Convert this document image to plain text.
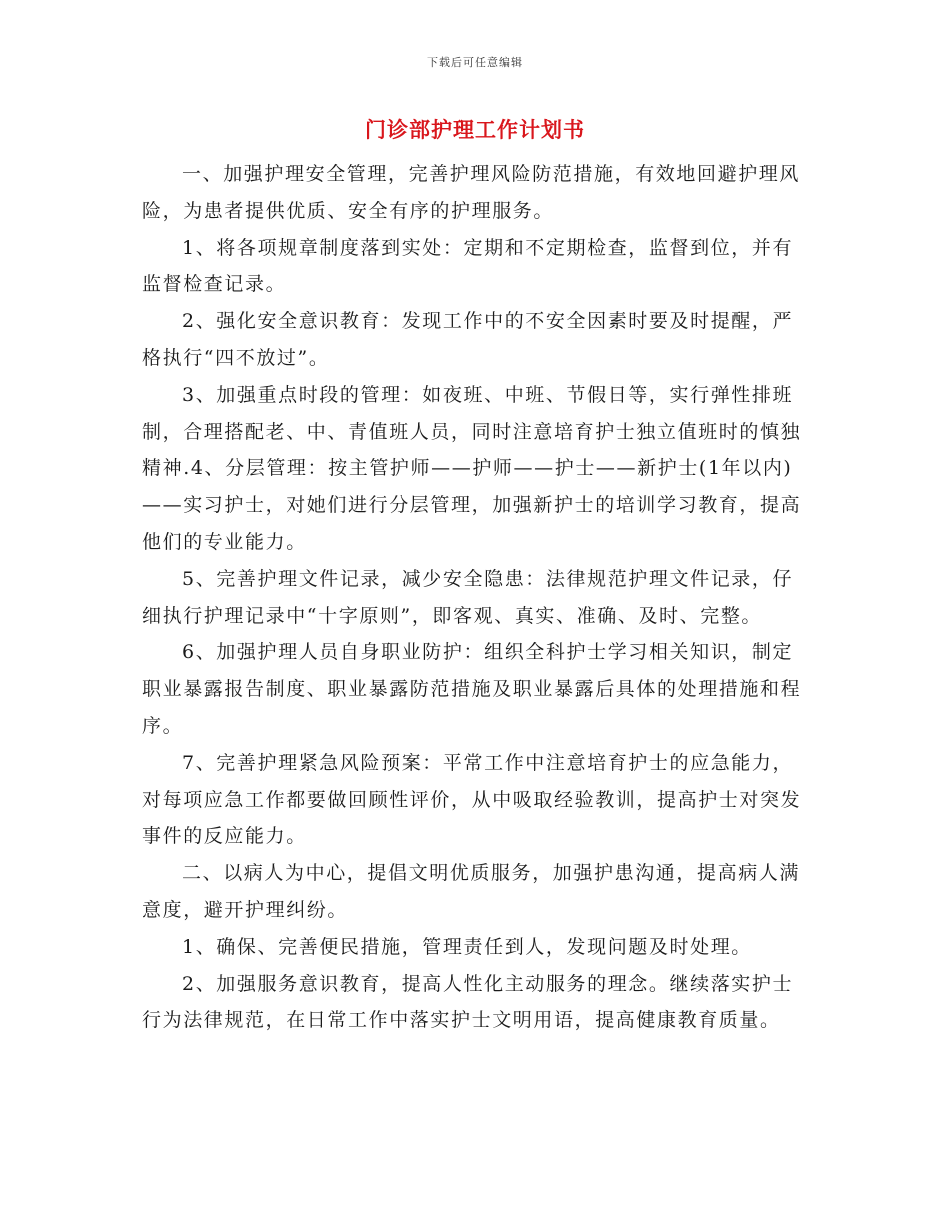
下载后可任意编辑
门诊部护理工作计划书

一、加强护理安全管理，完善护理风险防范措施，有效地回避护理风险，为患者提供优质、安全有序的护理服务。

1、将各项规章制度落到实处：定期和不定期检查，监督到位，并有监督检查记录。

2、强化安全意识教育：发现工作中的不安全因素时要及时提醒，严格执行“四不放过”。

3、加强重点时段的管理：如夜班、中班、节假日等，实行弹性排班制，合理搭配老、中、青值班人员，同时注意培育护士独立值班时的慎独精神.4、分层管理：按主管护师——护师——护士——新护士(1年以内)——实习护士，对她们进行分层管理，加强新护士的培训学习教育，提高他们的专业能力。

5、完善护理文件记录，减少安全隐患：法律规范护理文件记录，仔细执行护理记录中“十字原则”，即客观、真实、准确、及时、完整。

6、加强护理人员自身职业防护：组织全科护士学习相关知识，制定职业暴露报告制度、职业暴露防范措施及职业暴露后具体的处理措施和程序。

7、完善护理紧急风险预案：平常工作中注意培育护士的应急能力，对每项应急工作都要做回顾性评价，从中吸取经验教训，提高护士对突发事件的反应能力。

二、以病人为中心，提倡文明优质服务，加强护患沟通，提高病人满意度，避开护理纠纷。

1、确保、完善便民措施，管理责任到人，发现问题及时处理。

2、加强服务意识教育，提高人性化主动服务的理念。继续落实护士行为法律规范，在日常工作中落实护士文明用语，提高健康教育质量。
